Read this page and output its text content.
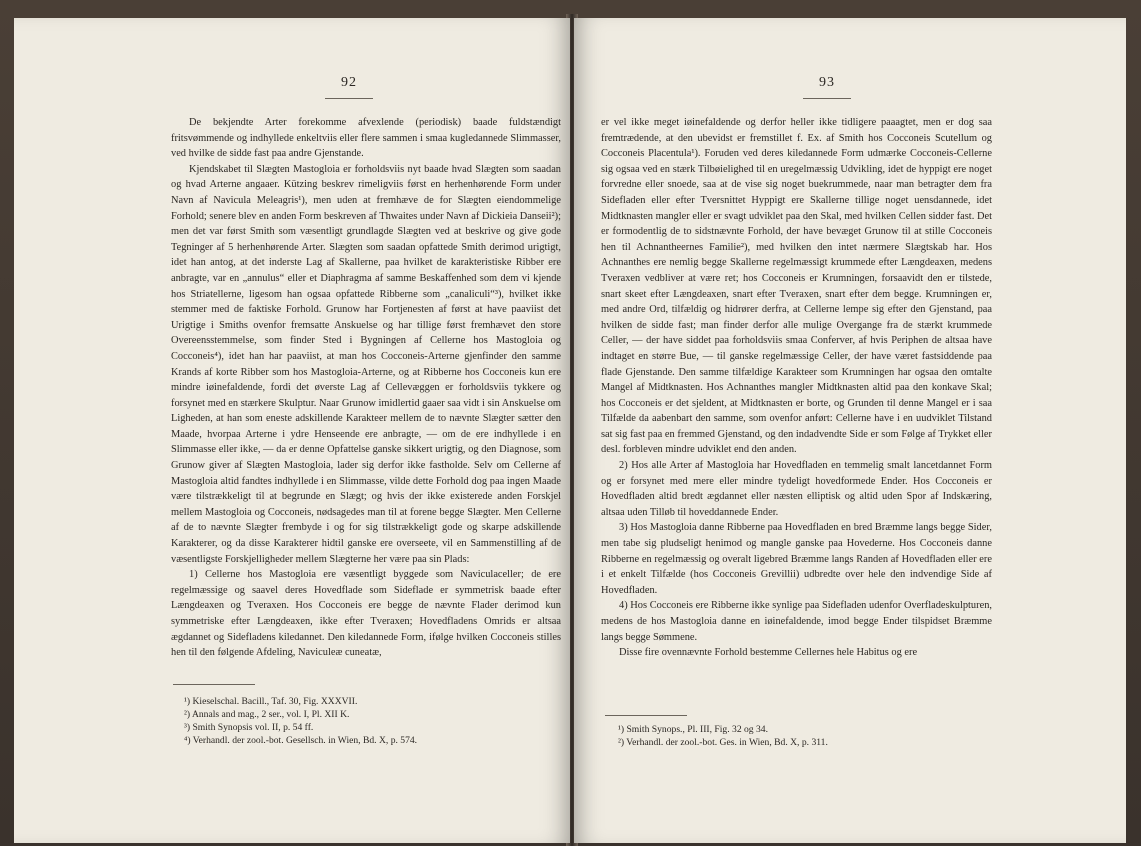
92

De bekjendte Arter forekomme afvexlende (periodisk) baade fuldstændigt fritsvømmende og indhyllede enkeltviis eller flere sammen i smaa kugledannede Slimmasser, ved hvilke de sidde fast paa andre Gjenstande.

Kjendskabet til Slægten Mastogloia er forholdsviis nyt baade hvad Slægten som saadan og hvad Arterne angaaer. Kützing beskrev rimeligviis først en herhenhørende Form under Navn af Navicula Meleagris¹), men uden at fremhæve de for Slægten eiendommelige Forhold; senere blev en anden Form beskreven af Thwaites under Navn af Dickieia Danseii²); men det var først Smith som væsentligt grundlagde Slægten ved at beskrive og give gode Tegninger af 5 herhenhørende Arter. Slægten som saadan opfattede Smith derimod urigtigt, idet han antog, at det inderste Lag af Skallerne, paa hvilket de karakteristiske Ribber ere anbragte, var en „annulus“ eller et Diaphragma af samme Beskaffenhed som dem vi kjende hos Striatellerne, ligesom han ogsaa opfattede Ribberne som „canaliculi“³), hvilket ikke stemmer med de faktiske Forhold. Grunow har Fortjenesten af først at have paaviist det Urigtige i Smiths ovenfor fremsatte Anskuelse og har tillige først fremhævet den store Overeensstemmelse, som finder Sted i Bygningen af Cellerne hos Mastogloia og Cocconeis⁴), idet han har paaviist, at man hos Cocconeis-Arterne gjenfinder den samme Krands af korte Ribber som hos Mastogloia-Arterne, og at Ribberne hos Cocconeis kun ere mindre iøinefaldende, fordi det øverste Lag af Cellevæggen er forholdsviis tykkere og forsynet med en stærkere Skulptur. Naar Grunow imidlertid gaaer saa vidt i sin Anskuelse om Ligheden, at han som eneste adskillende Karakteer mellem de to nævnte Slægter sætter den Maade, hvorpaa Arterne i ydre Henseende ere anbragte, — om de ere indhyllede i en Slimmasse eller ikke, — da er denne Opfattelse ganske sikkert urigtig, og den Diagnose, som Grunow giver af Slægten Mastogloia, lader sig derfor ikke fastholde. Selv om Cellerne af Mastogloia altid fandtes indhyllede i en Slimmasse, vilde dette Forhold dog paa ingen Maade være tilstrækkeligt til at begrunde en Slægt; og hvis der ikke existerede anden Forskjel mellem Mastogloia og Cocconeis, nødsagedes man til at forene begge Slægter. Men Cellerne af de to nævnte Slægter frembyde i og for sig tilstrækkeligt gode og skarpe adskillende Karakterer, og da disse Karakterer hidtil ganske ere overseete, vil en Sammenstilling af de væsentligste Forskjelligheder mellem Slægterne her være paa sin Plads:

1) Cellerne hos Mastogloia ere væsentligt byggede som Naviculaceller; de ere regelmæssige og saavel deres Hovedflade som Sideflade er symmetrisk baade efter Længdeaxen og Tveraxen. Hos Cocconeis ere begge de nævnte Flader derimod kun symmetriske efter Længdeaxen, ikke efter Tveraxen; Hovedfladens Omrids er altsaa ægdannet og Sidefladens kiledannet. Den kiledannede Form, ifølge hvilken Cocconeis stilles hen til den følgende Afdeling, Naviculeæ cuneatæ,

¹) Kieselschal. Bacill., Taf. 30, Fig. XXXVII.
²) Annals and mag., 2 ser., vol. I, Pl. XII K.
³) Smith Synopsis vol. II, p. 54 ff.
⁴) Verhandl. der zool.-bot. Gesellsch. in Wien, Bd. X, p. 574.
93

er vel ikke meget iøinefaldende og derfor heller ikke tidligere paaagtet, men er dog saa fremtrædende, at den ubevidst er fremstillet f. Ex. af Smith hos Cocconeis Scutellum og Cocconeis Placentula¹). Foruden ved deres kiledannede Form udmærke Cocconeis-Cellerne sig ogsaa ved en stærk Tilbøielighed til en uregelmæssig Udvikling, idet de hyppigt ere noget forvredne eller snoede, saa at de vise sig noget buekrummede, naar man betragter dem fra Sidefladen eller efter Tversnittet Hyppigt ere Skallerne tillige noget uensdannede, idet Midtknasten mangler eller er svagt udviklet paa den Skal, med hvilken Cellen sidder fast. Det er formodentlig de to sidstnævnte Forhold, der have bevæget Grunow til at stille Cocconeis hen til Achnantheernes Familie²), med hvilken den intet nærmere Slægtskab har. Hos Achnanthes ere nemlig begge Skallerne regelmæssigt krummede efter Længdeaxen, medens Tveraxen vedbliver at være ret; hos Cocconeis er Krumningen, forsaavidt den er tilstede, snart skeet efter Længdeaxen, snart efter Tveraxen, snart efter dem begge. Krumningen er, med andre Ord, tilfældig og hidrører derfra, at Cellerne lempe sig efter den Gjenstand, paa hvilken de sidde fast; man finder derfor alle mulige Overgange fra de stærkt krummede Celler, — der have siddet paa forholdsviis smaa Conferver, af hvis Periphen de altsaa have indtaget en større Bue, — til ganske regelmæssige Celler, der have været fastsiddende paa flade Gjenstande. Den samme tilfældige Karakteer som Krumningen har ogsaa den omtalte Mangel af Midtknasten. Hos Achnanthes mangler Midtknasten altid paa den konkave Skal; hos Cocconeis er det sjeldent, at Midtknasten er borte, og Grunden til denne Mangel er i saa Tilfælde da aabenbart den samme, som ovenfor anført: Cellerne have i en uudviklet Tilstand sat sig fast paa en fremmed Gjenstand, og den indadvendte Side er som Følge af Trykket eller desl. forbleven mindre udviklet end den anden.

2) Hos alle Arter af Mastogloia har Hovedfladen en temmelig smalt lancetdannet Form og er forsynet med mere eller mindre tydeligt hovedformede Ender. Hos Cocconeis er Hovedfladen altid bredt ægdannet eller næsten elliptisk og altid uden Spor af Indskæring, altsaa uden Tilløb til hoveddannede Ender.

3) Hos Mastogloia danne Ribberne paa Hovedfladen en bred Bræmme langs begge Sider, men tabe sig pludseligt henimod og mangle ganske paa Hovederne. Hos Cocconeis danne Ribberne en regelmæssig og overalt ligebred Bræmme langs Randen af Hovedfladen eller ere i et enkelt Tilfælde (hos Cocconeis Grevillii) udbredte over hele den indvendige Side af Hovedfladen.

4) Hos Cocconeis ere Ribberne ikke synlige paa Sidefladen udenfor Overfladeskulpturen, medens de hos Mastogloia danne en iøinefaldende, imod begge Ender tilspidset Bræmme langs begge Sømmene.

Disse fire ovennævnte Forhold bestemme Cellernes hele Habitus og ere

¹) Smith Synops., Pl. III, Fig. 32 og 34.
²) Verhandl. der zool.-bot. Ges. in Wien, Bd. X, p. 311.
